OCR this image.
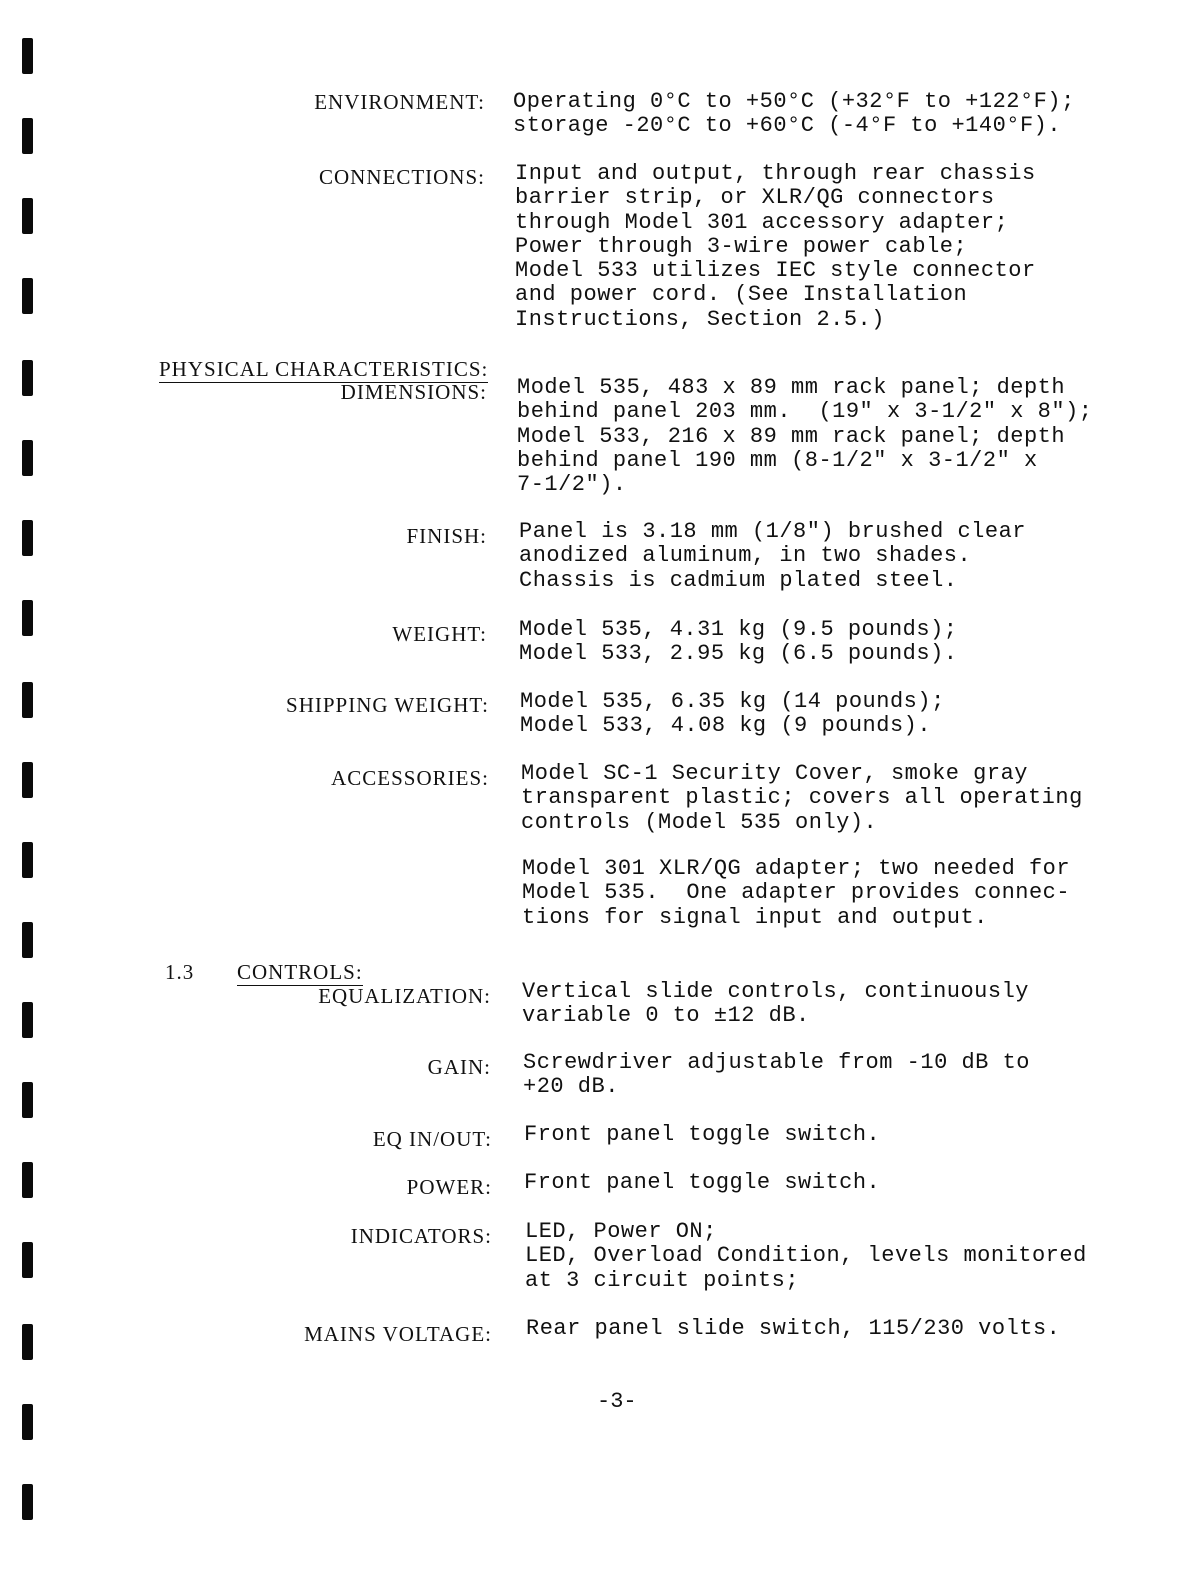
ENVIRONMENT: Operating 0°C to +50°C (+32°F to +122°F);
storage -20°C to +60°C (-4°F to +140°F).
CONNECTIONS: Input and output, through rear chassis
barrier strip, or XLR/QG connectors
through Model 301 accessory adapter;
Power through 3-wire power cable;
Model 533 utilizes IEC style connector
and power cord. (See Installation
Instructions, Section 2.5.)
PHYSICAL CHARACTERISTICS:
DIMENSIONS: Model 535, 483 x 89 mm rack panel; depth
behind panel 203 mm.  (19" x 3-1/2" x 8");
Model 533, 216 x 89 mm rack panel; depth
behind panel 190 mm (8-1/2" x 3-1/2" x
7-1/2").
FINISH: Panel is 3.18 mm (1/8") brushed clear
anodized aluminum, in two shades.
Chassis is cadmium plated steel.
WEIGHT: Model 535, 4.31 kg (9.5 pounds);
Model 533, 2.95 kg (6.5 pounds).
SHIPPING WEIGHT: Model 535, 6.35 kg (14 pounds);
Model 533, 4.08 kg (9 pounds).
ACCESSORIES: Model SC-1 Security Cover, smoke gray
transparent plastic; covers all operating
controls (Model 535 only).
Model 301 XLR/QG adapter; two needed for
Model 535.  One adapter provides connec-
tions for signal input and output.
1.3 CONTROLS:
EQUALIZATION: Vertical slide controls, continuously
variable 0 to ±12 dB.
GAIN: Screwdriver adjustable from -10 dB to
+20 dB.
EQ IN/OUT: Front panel toggle switch.
POWER: Front panel toggle switch.
INDICATORS: LED, Power ON;
LED, Overload Condition, levels monitored
at 3 circuit points;
MAINS VOLTAGE: Rear panel slide switch, 115/230 volts.
-3-
